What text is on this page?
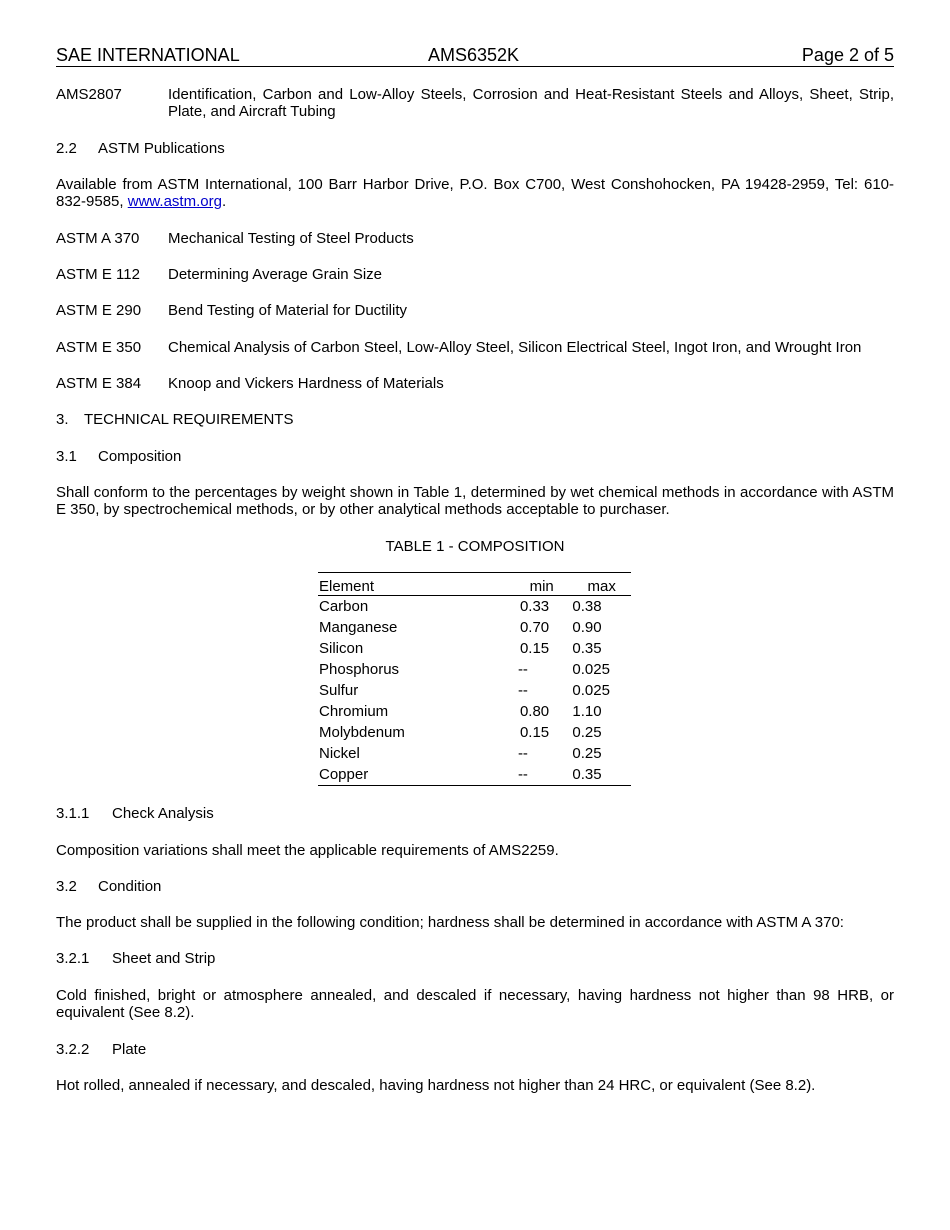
SAE INTERNATIONAL	AMS6352K	Page 2 of 5
AMS2807	Identification, Carbon and Low-Alloy Steels, Corrosion and Heat-Resistant Steels and Alloys, Sheet, Strip, Plate, and Aircraft Tubing
2.2 ASTM Publications
Available from ASTM International, 100 Barr Harbor Drive, P.O. Box C700, West Conshohocken, PA 19428-2959, Tel: 610-832-9585, www.astm.org.
ASTM A 370 Mechanical Testing of Steel Products
ASTM E 112 Determining Average Grain Size
ASTM E 290 Bend Testing of Material for Ductility
ASTM E 350 Chemical Analysis of Carbon Steel, Low-Alloy Steel, Silicon Electrical Steel, Ingot Iron, and Wrought Iron
ASTM E 384 Knoop and Vickers Hardness of Materials
3. TECHNICAL REQUIREMENTS
3.1 Composition
Shall conform to the percentages by weight shown in Table 1, determined by wet chemical methods in accordance with ASTM E 350, by spectrochemical methods, or by other analytical methods acceptable to purchaser.
TABLE 1 - COMPOSITION
Element	min	max
Carbon	0.33	0.38
Manganese	0.70	0.90
Silicon	0.15	0.35
Phosphorus	--	0.025
Sulfur	--	0.025
Chromium	0.80	1.10
Molybdenum	0.15	0.25
Nickel	--	0.25
Copper	--	0.35
3.1.1 Check Analysis
Composition variations shall meet the applicable requirements of AMS2259.
3.2 Condition
The product shall be supplied in the following condition; hardness shall be determined in accordance with ASTM A 370:
3.2.1 Sheet and Strip
Cold finished, bright or atmosphere annealed, and descaled if necessary, having hardness not higher than 98 HRB, or equivalent (See 8.2).
3.2.2 Plate
Hot rolled, annealed if necessary, and descaled, having hardness not higher than 24 HRC, or equivalent (See 8.2).
